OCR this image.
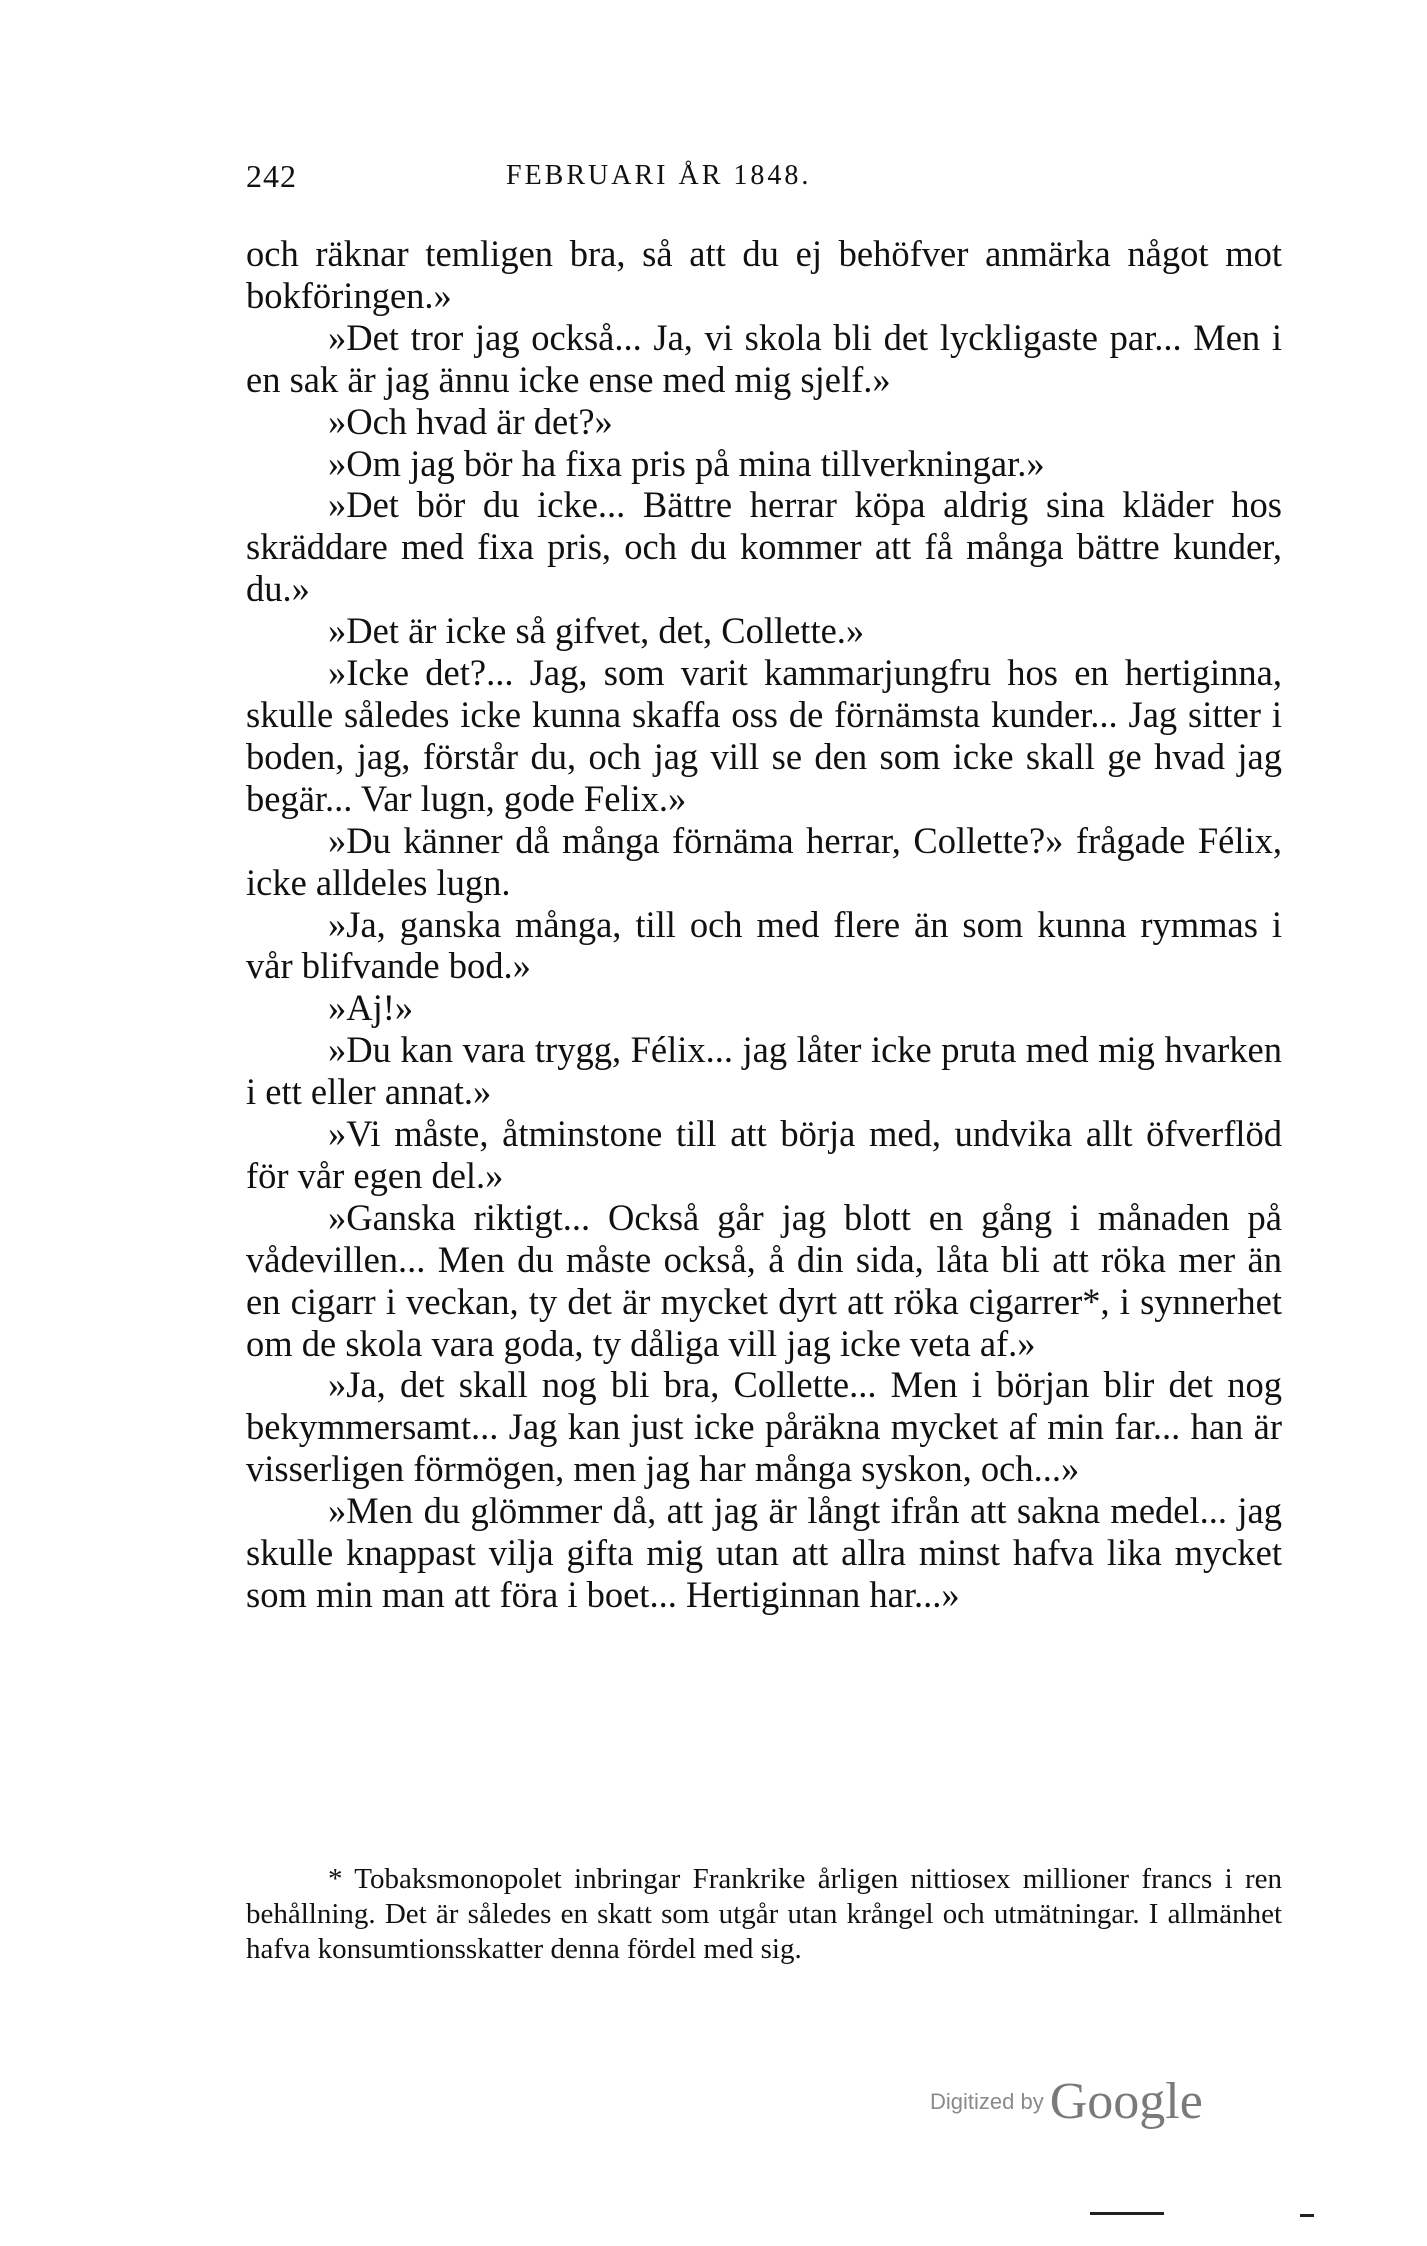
242	FEBRUARI ÅR 1848.

och räknar temligen bra, så att du ej behöfver anmärka något mot bokföringen.»

»Det tror jag också... Ja, vi skola bli det lyckligaste par... Men i en sak är jag ännu icke ense med mig sjelf.»

»Och hvad är det?»

»Om jag bör ha fixa pris på mina tillverkningar.»

»Det bör du icke... Bättre herrar köpa aldrig sina kläder hos skräddare med fixa pris, och du kommer att få många bättre kunder, du.»

»Det är icke så gifvet, det, Collette.»

»Icke det?... Jag, som varit kammarjungfru hos en hertiginna, skulle således icke kunna skaffa oss de förnämsta kunder... Jag sitter i boden, jag, förstår du, och jag vill se den som icke skall ge hvad jag begär... Var lugn, gode Felix.»

»Du känner då många förnäma herrar, Collette?» frågade Félix, icke alldeles lugn.

»Ja, ganska många, till och med flere än som kunna rymmas i vår blifvande bod.»

»Aj!»

»Du kan vara trygg, Félix... jag låter icke pruta med mig hvarken i ett eller annat.»

»Vi måste, åtminstone till att börja med, undvika allt öfverflöd för vår egen del.»

»Ganska riktigt... Också går jag blott en gång i månaden på vådevillen... Men du måste också, å din sida, låta bli att röka mer än en cigarr i veckan, ty det är mycket dyrt att röka cigarrer*, i synnerhet om de skola vara goda, ty dåliga vill jag icke veta af.»

»Ja, det skall nog bli bra, Collette... Men i början blir det nog bekymmersamt... Jag kan just icke påräkna mycket af min far... han är visserligen förmögen, men jag har många syskon, och...»

»Men du glömmer då, att jag är långt ifrån att sakna medel... jag skulle knappast vilja gifta mig utan att allra minst hafva lika mycket som min man att föra i boet... Hertiginnan har...»

* Tobaksmonopolet inbringar Frankrike årligen nittiosex millioner francs i ren behållning. Det är således en skatt som utgår utan krångel och utmätningar. I allmänhet hafva konsumtionsskatter denna fördel med sig.

Digitized by Google
